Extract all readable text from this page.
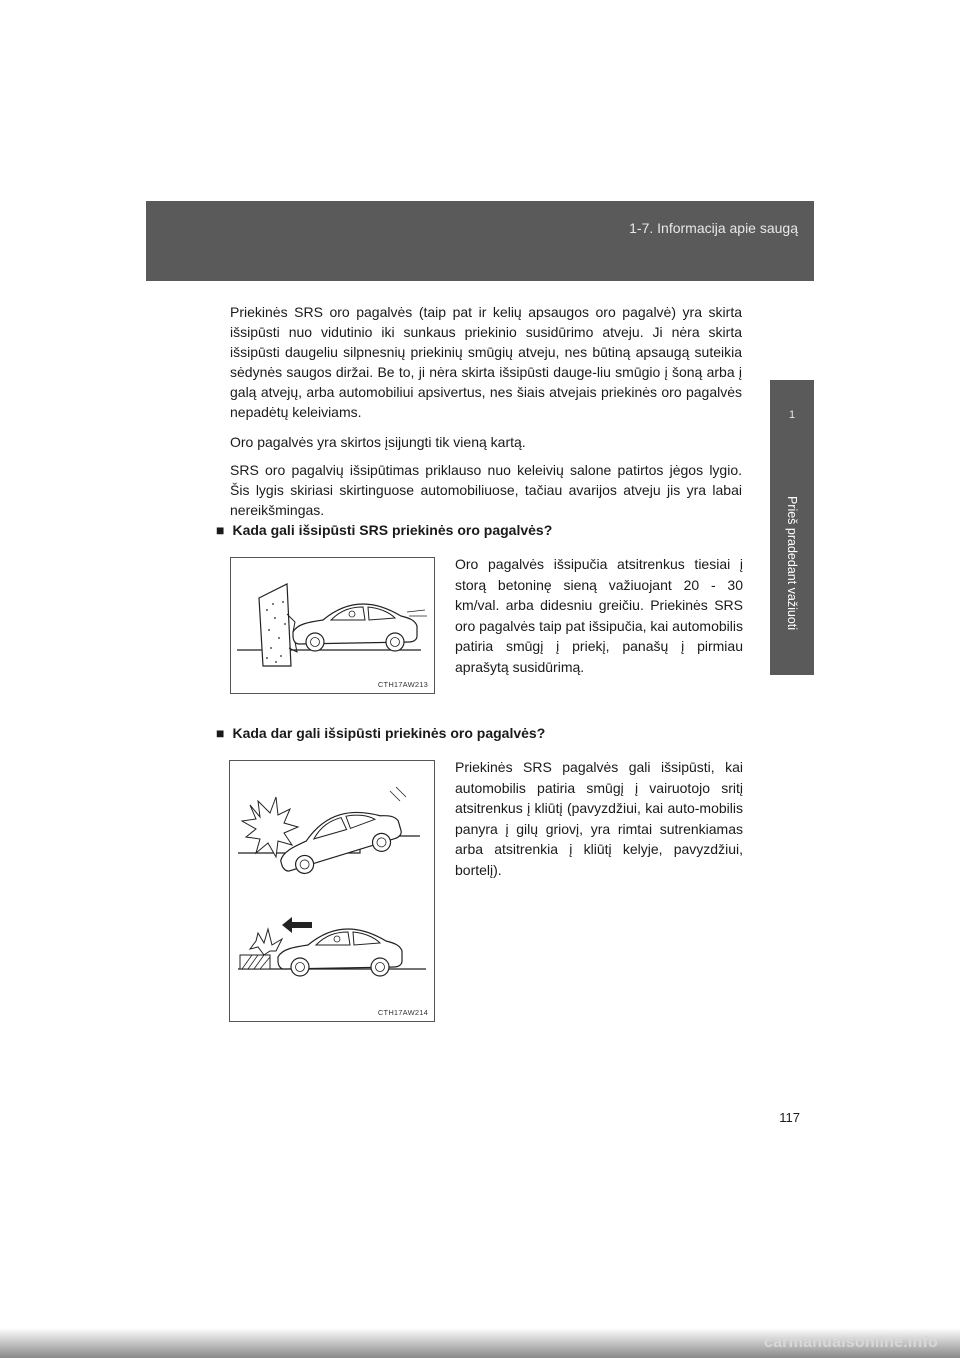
1-7. Informacija apie saugą
1
Prieš pradedant važiuoti

Priekinės SRS oro pagalvės (taip pat ir kelių apsaugos oro pagalvė) yra skirta išsipūsti nuo vidutinio iki sunkaus priekinio susidūrimo atveju. Ji nėra skirta išsipūsti daugeliu silpnesnių priekinių smūgių atveju, nes būtiną apsaugą suteikia sėdynės saugos diržai. Be to, ji nėra skirta išsipūsti dauge-liu smūgio į šoną arba į galą atvejų, arba automobiliui apsivertus, nes šiais atvejais priekinės oro pagalvės nepadėtų keleiviams.

Oro pagalvės yra skirtos įsijungti tik vieną kartą.

SRS oro pagalvių išsipūtimas priklauso nuo keleivių salone patirtos jėgos lygio. Šis lygis skiriasi skirtinguose automobiliuose, tačiau avarijos atveju jis yra labai nereikšmingas.

■ Kada gali išsipūsti SRS priekinės oro pagalvės?
CTH17AW213

Oro pagalvės išsipučia atsitrenkus tiesiai į storą betoninę sieną važiuojant 20 - 30 km/val. arba didesniu greičiu. Priekinės SRS oro pagalvės taip pat išsipučia, kai automobilis patiria smūgį į priekį, panašų į pirmiau aprašytą susidūrimą.

■ Kada dar gali išsipūsti priekinės oro pagalvės?
CTH17AW214

Priekinės SRS pagalvės gali išsipūsti, kai automobilis patiria smūgį į vairuotojo sritį atsitrenkus į kliūtį (pavyzdžiui, kai auto-mobilis panyra į gilų griovį, yra rimtai sutrenkiamas arba atsitrenkia į kliūtį kelyje, pavyzdžiui, bortelį).

117
carmanualsonline.info
